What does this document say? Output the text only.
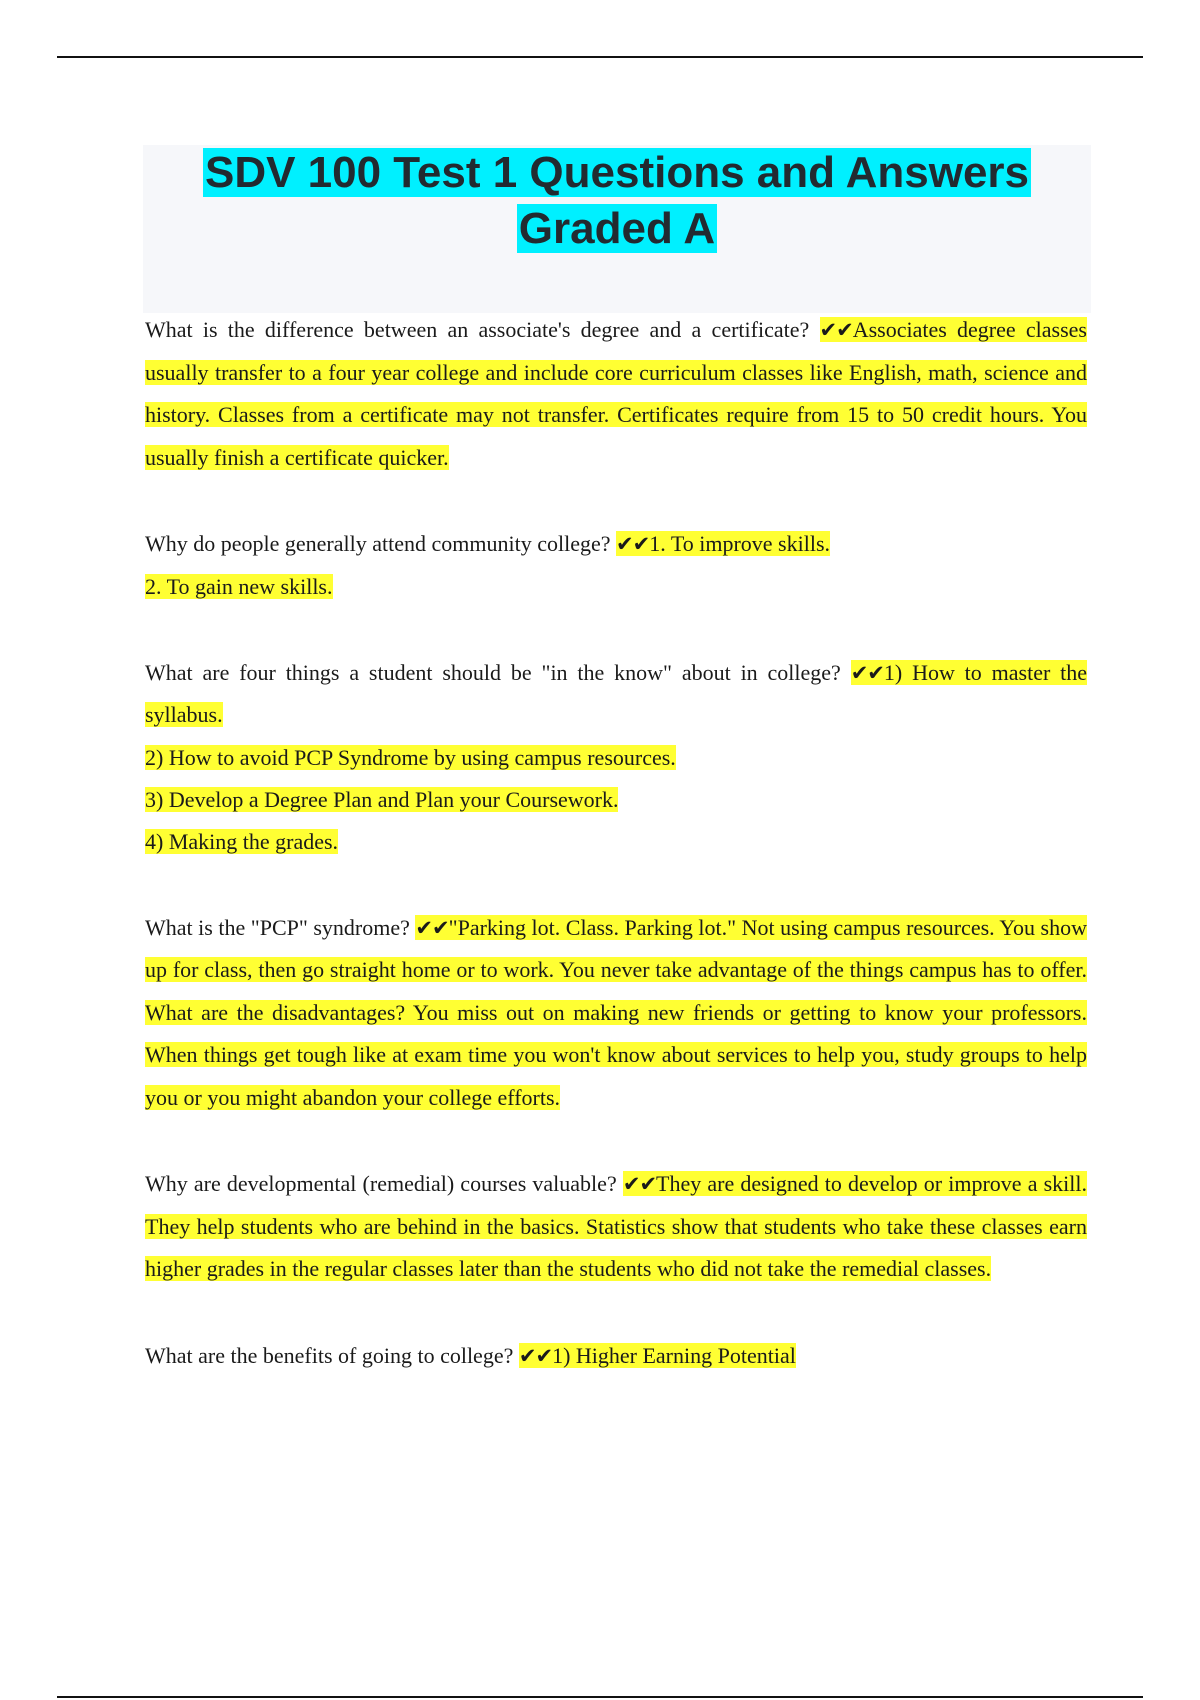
SDV 100 Test 1 Questions and Answers Graded A

What is the difference between an associate's degree and a certificate? ✔✔Associates degree classes usually transfer to a four year college and include core curriculum classes like English, math, science and history. Classes from a certificate may not transfer. Certificates require from 15 to 50 credit hours. You usually finish a certificate quicker.

Why do people generally attend community college? ✔✔1. To improve skills.

2. To gain new skills.

What are four things a student should be "in the know" about in college? ✔✔1) How to master the syllabus.

2) How to avoid PCP Syndrome by using campus resources.

3) Develop a Degree Plan and Plan your Coursework.

4) Making the grades.

What is the "PCP" syndrome? ✔✔"Parking lot. Class. Parking lot." Not using campus resources. You show up for class, then go straight home or to work. You never take advantage of the things campus has to offer. What are the disadvantages? You miss out on making new friends or getting to know your professors. When things get tough like at exam time you won't know about services to help you, study groups to help you or you might abandon your college efforts.

Why are developmental (remedial) courses valuable? ✔✔They are designed to develop or improve a skill. They help students who are behind in the basics. Statistics show that students who take these classes earn higher grades in the regular classes later than the students who did not take the remedial classes.

What are the benefits of going to college? ✔✔1) Higher Earning Potential
